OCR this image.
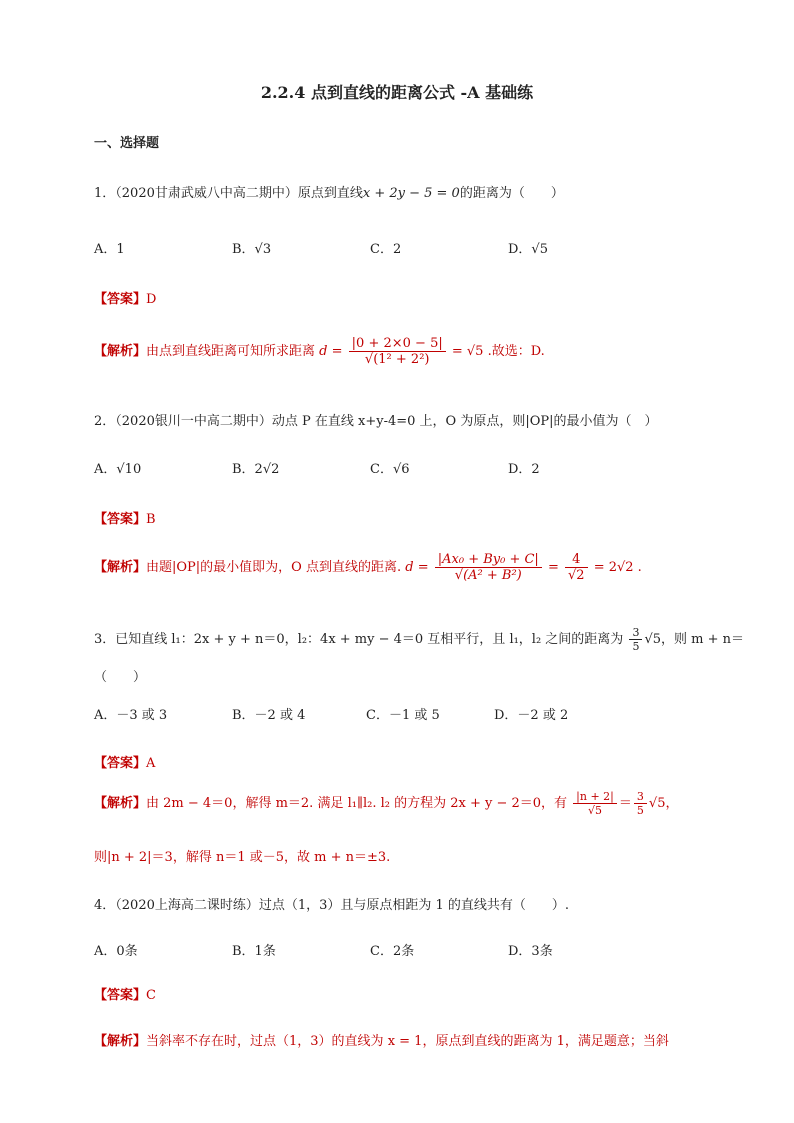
2.2.4 点到直线的距离公式 -A 基础练
一、选择题
1．（2020甘肃武威八中高二期中）原点到直线x + 2y − 5 = 0的距离为（　　）
A．1	B．√3	C．2	D．√5
【答案】D
【解析】由点到直线距离可知所求距离 $d = \frac{|0 + 2\times 0 - 5|}{\text{√(1² + 2²)}} = √5$ .故选：D.
2．（2020银川一中高二期中）动点 P 在直线 x+y-4=0 上，O 为原点，则|OP|的最小值为（　）
A．√10	B．2√2	C．√6	D．2
【答案】B
【解析】由题|OP|的最小值即为，O 点到直线的距离. $d = \frac{\text{|Ax₀ + By₀ + C|}}{\text{√(A² + B²)}} = \frac{4}{√2} = 2√2$ .
3．已知直线 l₁：2x + y + n＝0，l₂：4x + my − 4＝0 互相平行，且 l₁，l₂ 之间的距离为 $\frac{3}{5} √5$，则 m + n＝
（　　）
A．－3 或 3	B．－2 或 4	C．－1 或 5	D．－2 或 2
【答案】A
【解析】由 2m − 4＝0，解得 m＝2. 满足 l₁∥l₂. l₂ 的方程为 2x + y − 2＝0，有 $\frac{|n + 2|}{√5} = \frac{3}{5} √5$，
则|n + 2|＝3，解得 n＝1 或－5，故 m + n＝±3.
4．（2020上海高二课时练）过点（1，3）且与原点相距为 1 的直线共有（　　）.
A．0条	B．1条	C．2条	D．3条
【答案】C
【解析】当斜率不存在时，过点（1，3）的直线为 x = 1，原点到直线的距离为 1，满足题意；当斜
